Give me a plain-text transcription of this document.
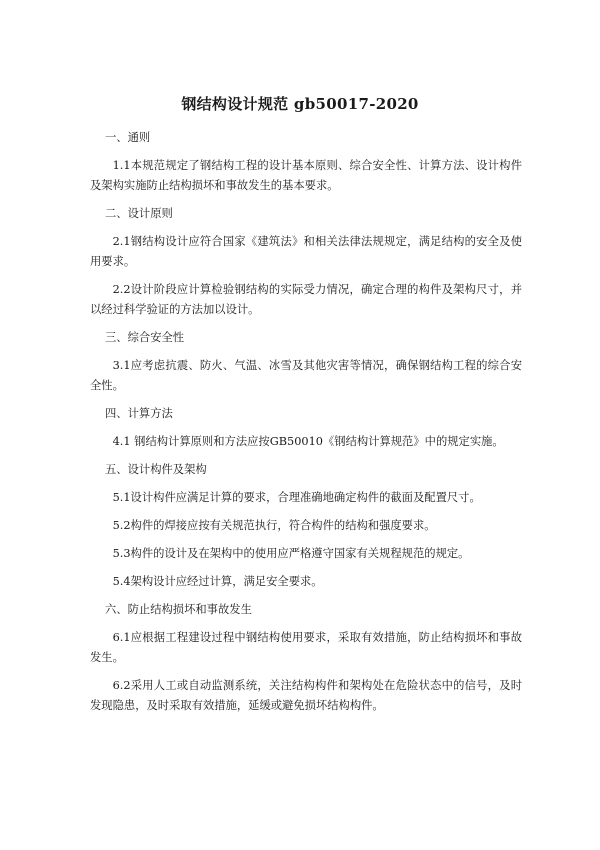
钢结构设计规范 gb50017-2020

一、通则

1.1本规范规定了钢结构工程的设计基本原则、综合安全性、计算方法、设计构件及架构实施防止结构损坏和事故发生的基本要求。

二、设计原则

2.1钢结构设计应符合国家《建筑法》和相关法律法规规定，满足结构的安全及使用要求。

2.2设计阶段应计算检验钢结构的实际受力情况，确定合理的构件及架构尺寸，并以经过科学验证的方法加以设计。

三、综合安全性

3.1应考虑抗震、防火、气温、冰雪及其他灾害等情况，确保钢结构工程的综合安全性。

四、计算方法

4.1 钢结构计算原则和方法应按GB50010《钢结构计算规范》中的规定实施。

五、设计构件及架构

5.1设计构件应满足计算的要求，合理准确地确定构件的截面及配置尺寸。

5.2构件的焊接应按有关规范执行，符合构件的结构和强度要求。

5.3构件的设计及在架构中的使用应严格遵守国家有关规程规范的规定。

5.4架构设计应经过计算，满足安全要求。

六、防止结构损坏和事故发生

6.1应根据工程建设过程中钢结构使用要求，采取有效措施，防止结构损坏和事故发生。

6.2采用人工或自动监测系统，关注结构构件和架构处在危险状态中的信号，及时发现隐患，及时采取有效措施，延缓或避免损坏结构构件。
